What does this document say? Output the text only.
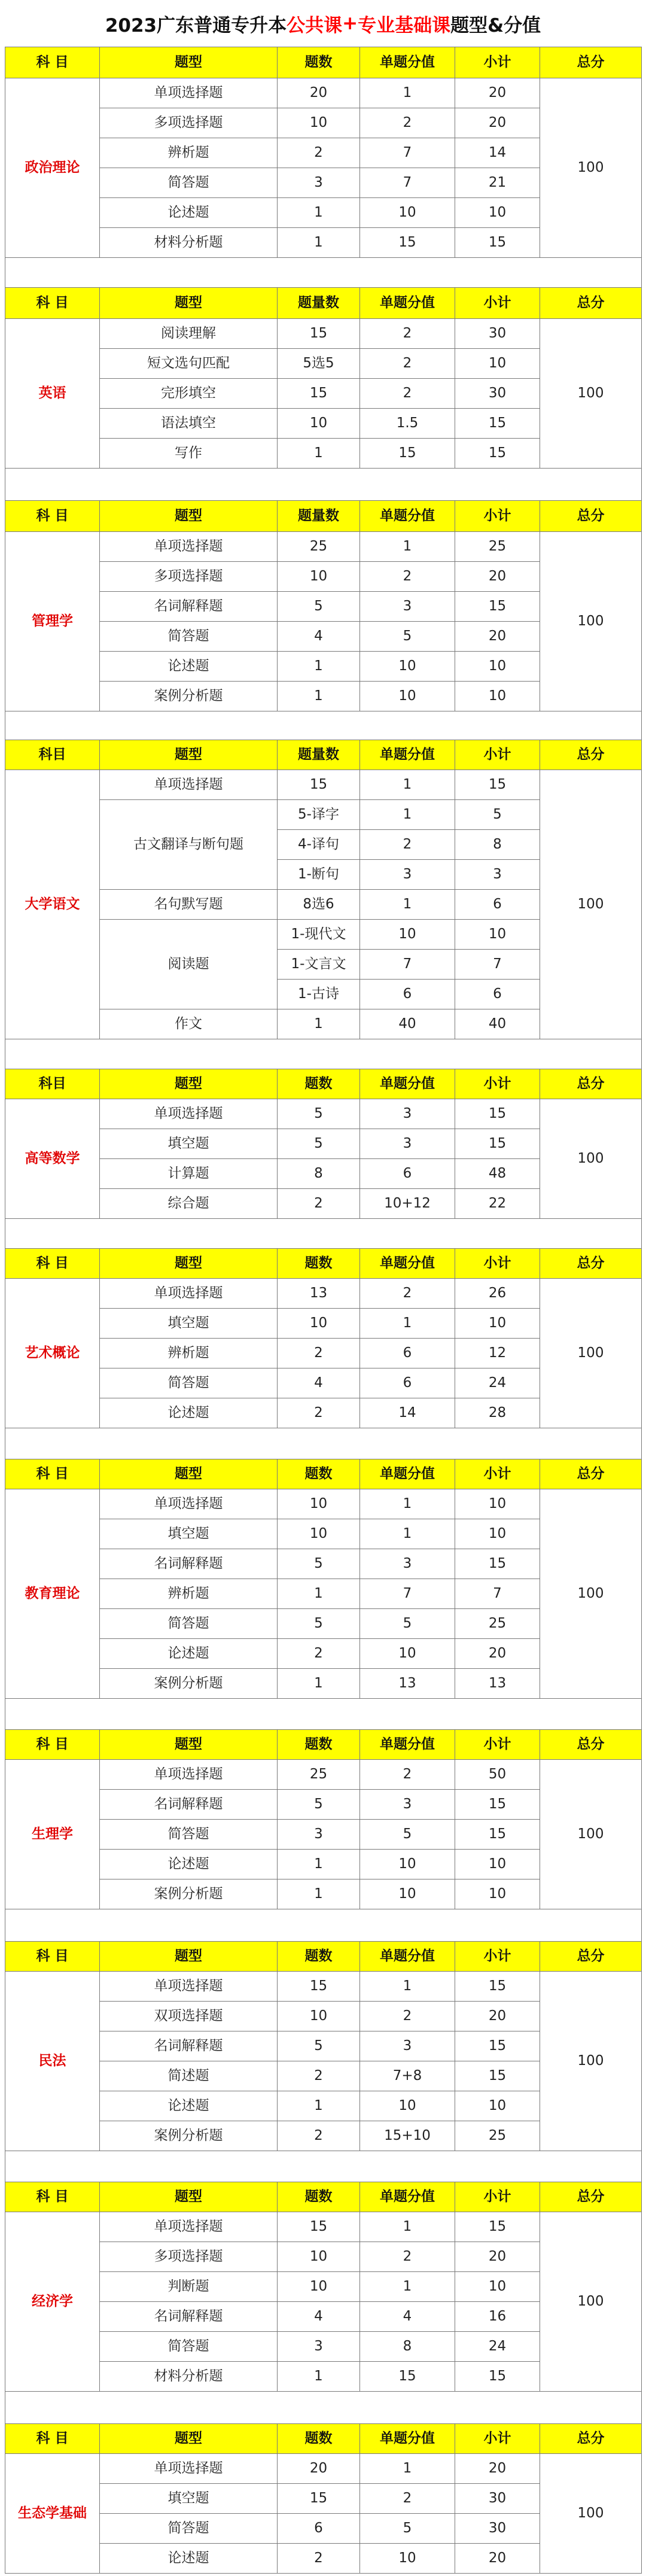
2023广东普通专升本 公共课 + 专业基础课 题型&分值
科 目	题型	题数	单题分值	小计	总分
政治理论	单项选择题	20	1	20	100
	多项选择题	10	2	20	
	辨析题	2	7	14	
	简答题	3	7	21	
	论述题	1	10	10	
	材料分析题	1	15	15	

科 目	题型	题量数	单题分值	小计	总分
英语	阅读理解	15	2	30	100
	短文选句匹配	5选5	2	10	
	完形填空	15	2	30	
	语法填空	10	1.5	15	
	写作	1	15	15	

科 目	题型	题量数	单题分值	小计	总分
管理学	单项选择题	25	1	25	100
	多项选择题	10	2	20	
	名词解释题	5	3	15	
	简答题	4	5	20	
	论述题	1	10	10	
	案例分析题	1	10	10	

科目	题型	题量数	单题分值	小计	总分
大学语文	单项选择题	15	1	15	100
	古文翻译与断句题	5-译字	1	5	
		4-译句	2	8	
		1-断句	3	3	
	名句默写题	8选6	1	6	
	阅读题	1-现代文	10	10	
		1-文言文	7	7	
		1-古诗	6	6	
	作文	1	40	40	

科目	题型	题数	单题分值	小计	总分
高等数学	单项选择题	5	3	15	100
	填空题	5	3	15	
	计算题	8	6	48	
	综合题	2	10+12	22	

科 目	题型	题数	单题分值	小计	总分
艺术概论	单项选择题	13	2	26	100
	填空题	10	1	10	
	辨析题	2	6	12	
	简答题	4	6	24	
	论述题	2	14	28	

科 目	题型	题数	单题分值	小计	总分
教育理论	单项选择题	10	1	10	100
	填空题	10	1	10	
	名词解释题	5	3	15	
	辨析题	1	7	7	
	简答题	5	5	25	
	论述题	2	10	20	
	案例分析题	1	13	13	

科 目	题型	题数	单题分值	小计	总分
生理学	单项选择题	25	2	50	100
	名词解释题	5	3	15	
	简答题	3	5	15	
	论述题	1	10	10	
	案例分析题	1	10	10	

科 目	题型	题数	单题分值	小计	总分
民法	单项选择题	15	1	15	100
	双项选择题	10	2	20	
	名词解释题	5	3	15	
	简述题	2	7+8	15	
	论述题	1	10	10	
	案例分析题	2	15+10	25	

科 目	题型	题数	单题分值	小计	总分
经济学	单项选择题	15	1	15	100
	多项选择题	10	2	20	
	判断题	10	1	10	
	名词解释题	4	4	16	
	简答题	3	8	24	
	材料分析题	1	15	15	

科 目	题型	题数	单题分值	小计	总分
生态学基础	单项选择题	20	1	20	100
	填空题	15	2	30	
	简答题	6	5	30	
	论述题	2	10	20	
